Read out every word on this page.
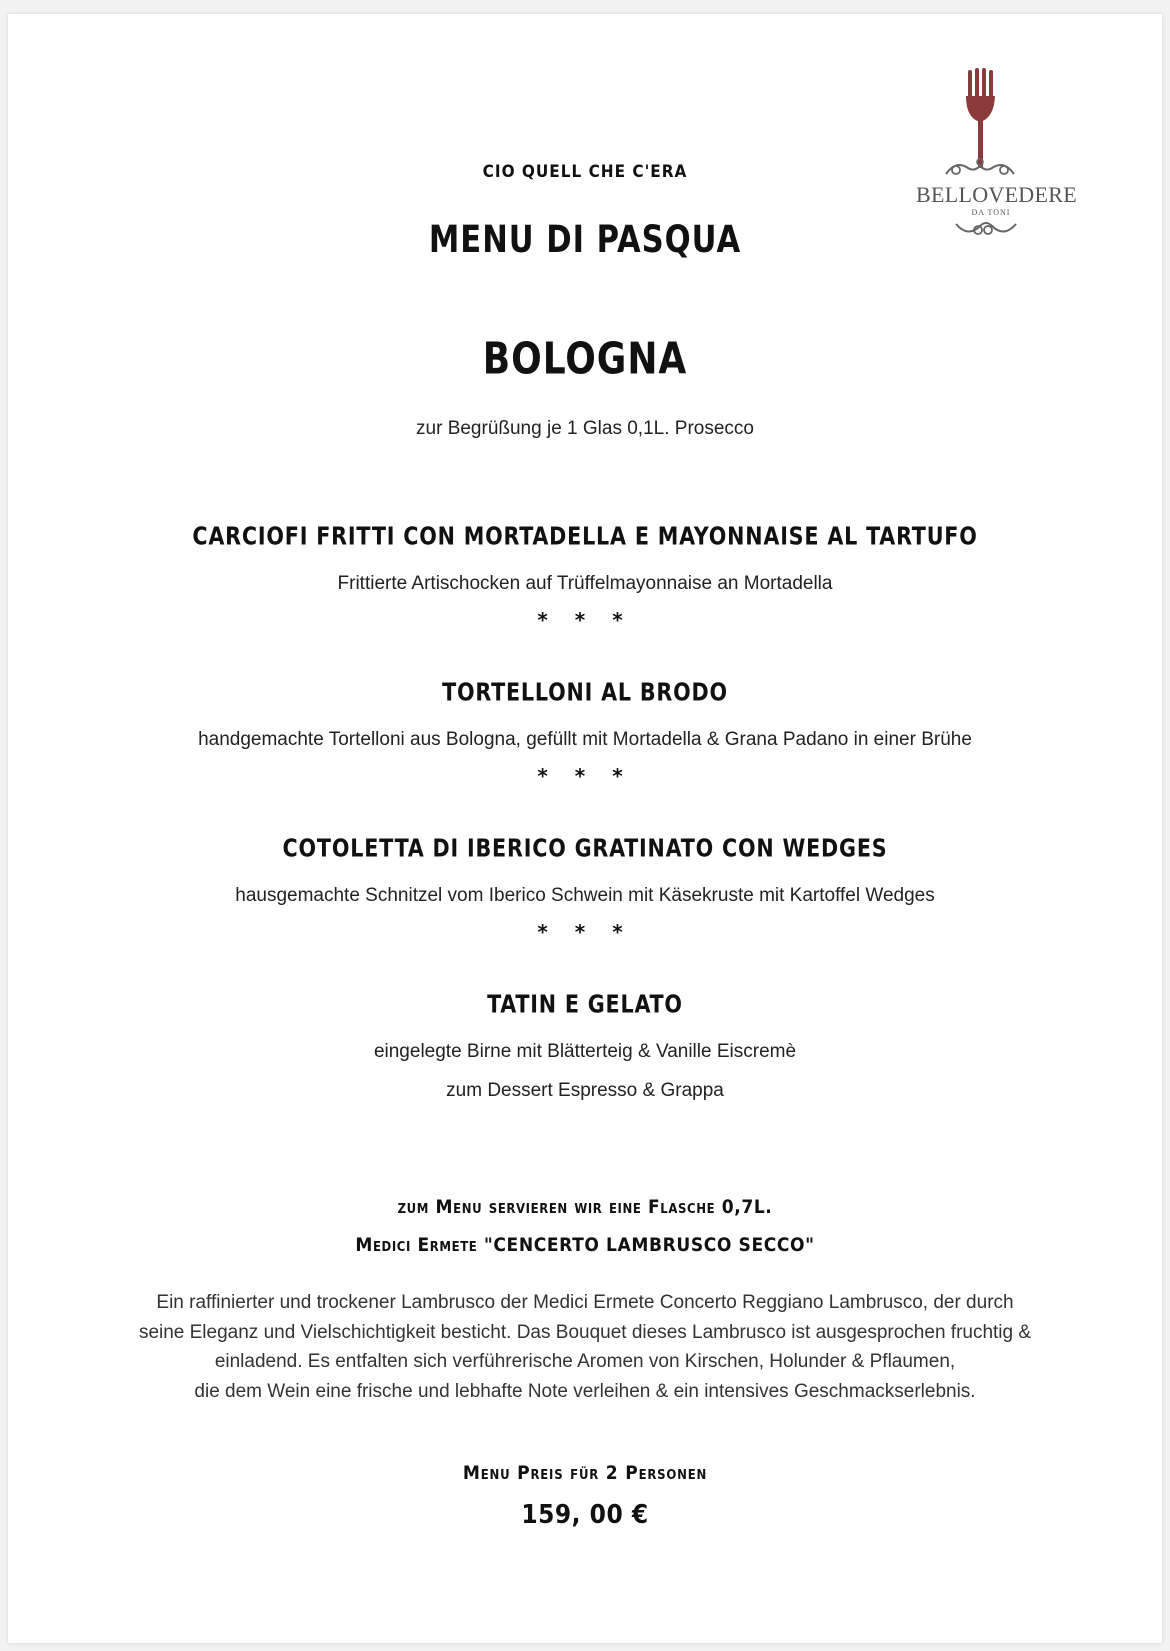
BELLOVEDERE
DA TONI

CIO QUELL CHE C'ERA

MENU DI PASQUA

BOLOGNA

zur Begrüßung je 1 Glas 0,1L. Prosecco

CARCIOFI FRITTI CON MORTADELLA E MAYONNAISE AL TARTUFO

Frittierte Artischocken auf Trüffelmayonnaise an Mortadella

* * *

TORTELLONI AL BRODO

handgemachte Tortelloni aus Bologna, gefüllt mit Mortadella & Grana Padano in einer Brühe

* * *

COTOLETTA DI IBERICO GRATINATO CON WEDGES

hausgemachte Schnitzel vom Iberico Schwein mit Käsekruste mit Kartoffel Wedges

* * *

TATIN E GELATO

eingelegte Birne mit Blätterteig & Vanille Eiscremè

zum Dessert Espresso & Grappa

zum Menu servieren wir eine Flasche 0,7L.

Medici Ermete "CENCERTO LAMBRUSCO SECCO"

Ein raffinierter und trockener Lambrusco der Medici Ermete Concerto Reggiano Lambrusco, der durch
seine Eleganz und Vielschichtigkeit besticht. Das Bouquet dieses Lambrusco ist ausgesprochen fruchtig &
einladend. Es entfalten sich verführerische Aromen von Kirschen, Holunder & Pflaumen,
die dem Wein eine frische und lebhafte Note verleihen & ein intensives Geschmackserlebnis.

Menu Preis für 2 Personen

159, 00 €
